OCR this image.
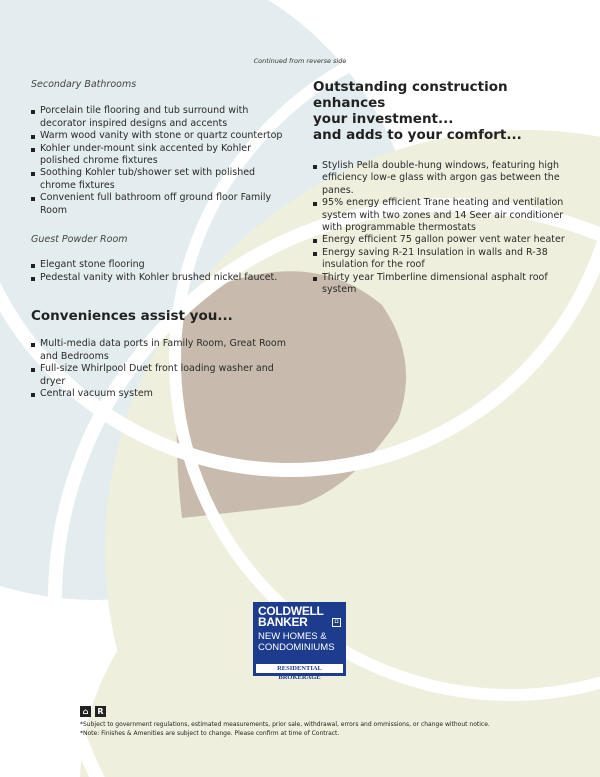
Continued from reverse side

Secondary Bathrooms

Porcelain tile flooring and tub surround with decorator inspired designs and accents
Warm wood vanity with stone or quartz countertop
Kohler under-mount sink accented by Kohler polished chrome fixtures
Soothing Kohler tub/shower set with polished chrome fixtures
Convenient full bathroom off ground floor Family Room

Guest Powder Room

Elegant stone flooring
Pedestal vanity with Kohler brushed nickel faucet.

Conveniences assist you...

Multi-media data ports in Family Room, Great Room and Bedrooms
Full-size Whirlpool Duet front loading washer and dryer
Central vacuum system

Outstanding construction enhances
your investment...
and adds to your comfort...

Stylish Pella double-hung windows, featuring high efficiency low-e glass with argon gas between the panes.
95% energy efficient Trane heating and ventilation system with two zones and 14 Seer air conditioner with programmable thermostats
Energy efficient 75 gallon power vent water heater
Energy saving R-21 Insulation in walls and R-38 insulation for the roof
Thirty year Timberline dimensional asphalt roof system
COLDWELL
BANKER	◘
NEW HOMES &
CONDOMINIUMS
RESIDENTIAL BROKERAGE
⌂	R
*Subject to government regulations, estimated measurements, prior sale, withdrawal, errors and ommissions, or change without notice.
*Note: Finishes & Amenities are subject to change. Please confirm at time of Contract.
